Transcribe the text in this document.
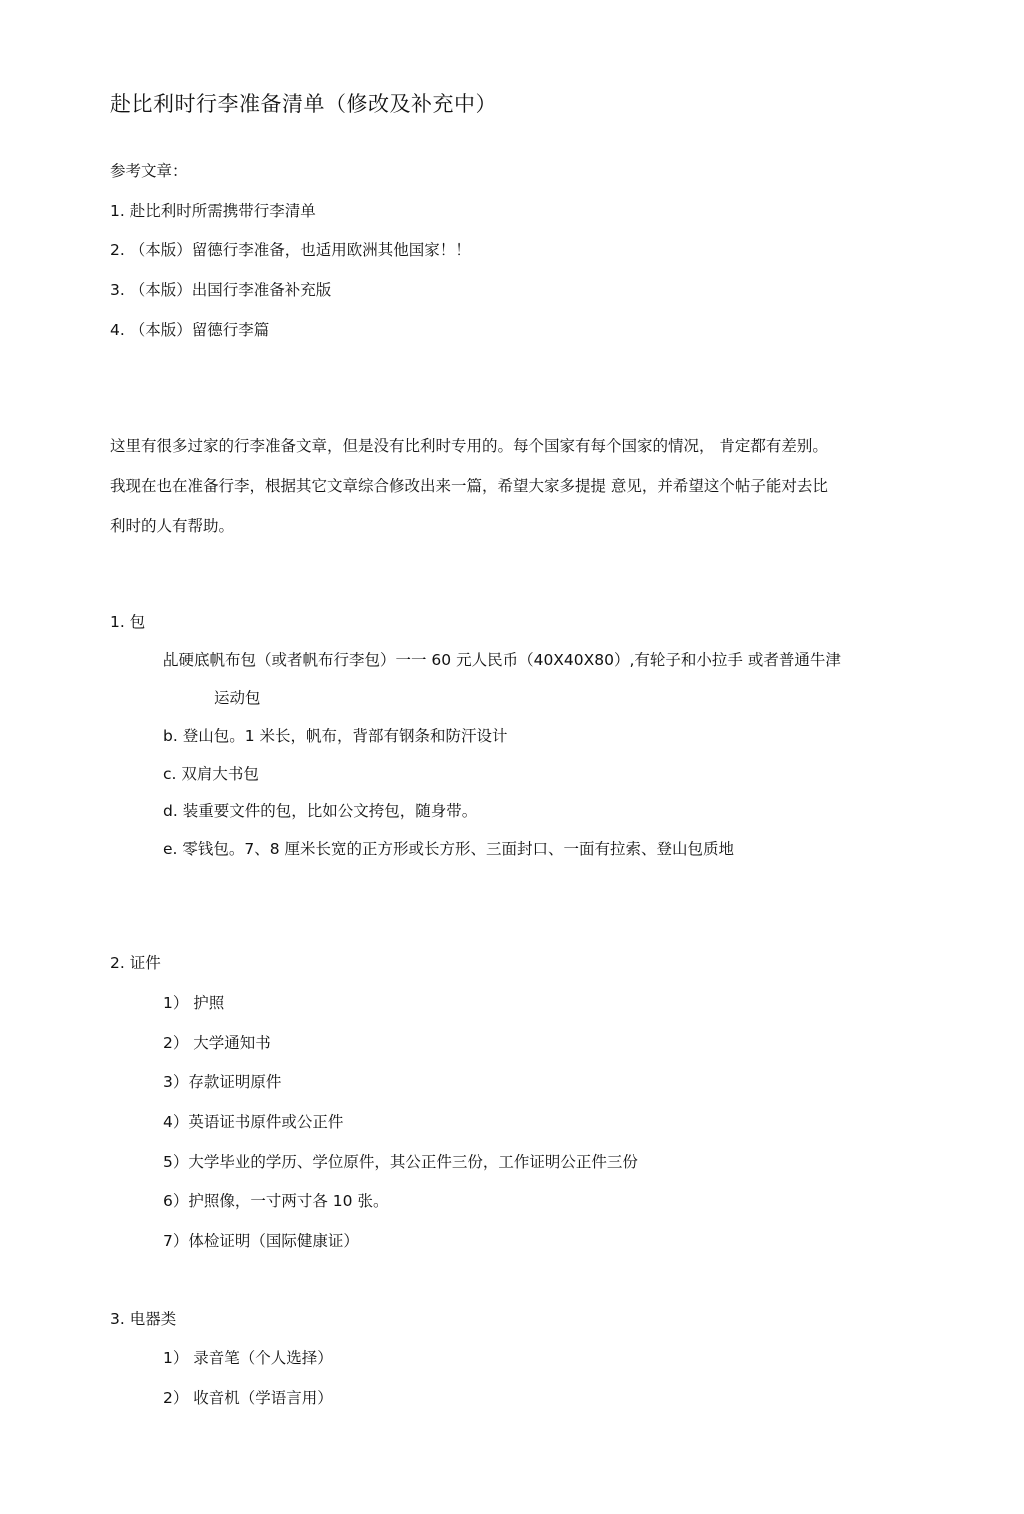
赴比利时行李准备清单（修改及补充中）
参考文章：
1. 赴比利时所需携带行李清单
2. （本版）留德行李准备，也适用欧洲其他国家！！
3. （本版）出国行李准备补充版
4. （本版）留德行李篇
这里有很多过家的行李准备文章，但是没有比利时专用的。每个国家有每个国家的情况， 肯定都有差别。
我现在也在准备行李，根据其它文章综合修改出来一篇，希望大家多提提 意见，并希望这个帖子能对去比
利时的人有帮助。
1. 包
乩硬底帆布包（或者帆布行李包）一一 60 元人民币（40X40X80）,有轮子和小拉手 或者普通牛津
运动包
b. 登山包。1 米长，帆布，背部有钢条和防汗设计
c. 双肩大书包
d. 装重要文件的包，比如公文挎包，随身带。
e. 零钱包。7、8 厘米长宽的正方形或长方形、三面封口、一面有拉索、登山包质地
2. 证件
1） 护照
2） 大学通知书
3）存款证明原件
4）英语证书原件或公正件
5）大学毕业的学历、学位原件，其公正件三份，工作证明公正件三份
6）护照像，一寸两寸各 10 张。
7）体检证明（国际健康证）
3. 电器类
1） 录音笔（个人选择）
2） 收音机（学语言用）
